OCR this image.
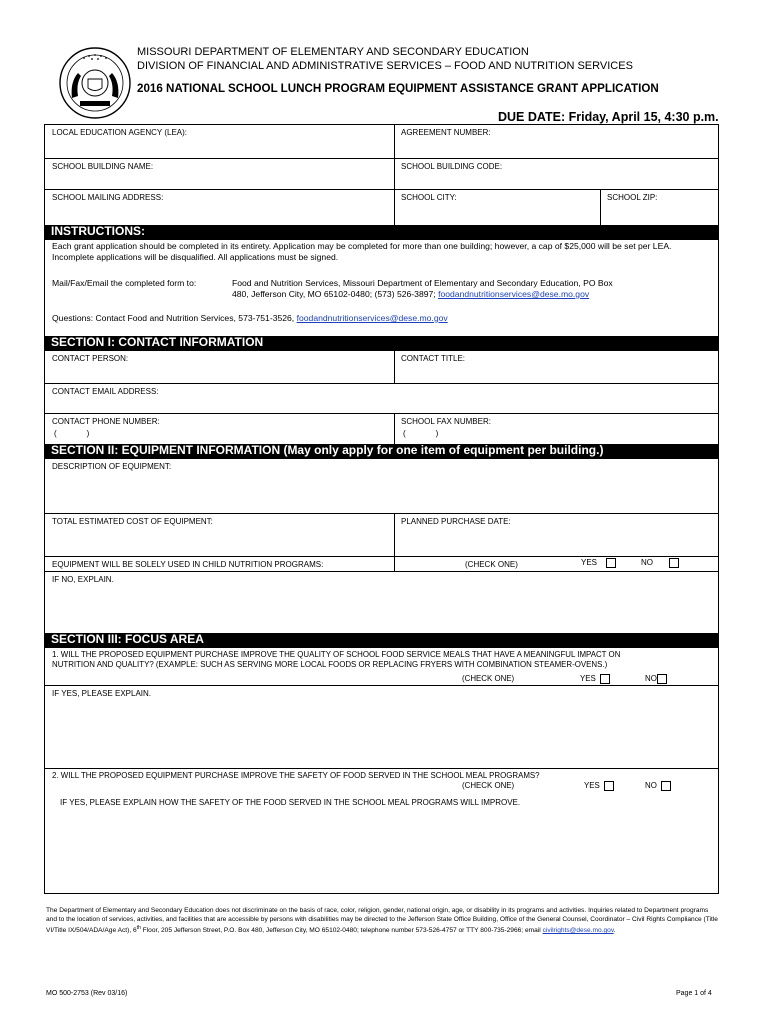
MISSOURI DEPARTMENT OF ELEMENTARY AND SECONDARY EDUCATION
DIVISION OF FINANCIAL AND ADMINISTRATIVE SERVICES – FOOD AND NUTRITION SERVICES
2016 NATIONAL SCHOOL LUNCH PROGRAM EQUIPMENT ASSISTANCE GRANT APPLICATION
DUE DATE: Friday, April 15, 4:30 p.m.
LOCAL EDUCATION AGENCY (LEA):	AGREEMENT NUMBER:
SCHOOL BUILDING NAME:	SCHOOL BUILDING CODE:
SCHOOL MAILING ADDRESS:	SCHOOL CITY:	SCHOOL ZIP:
INSTRUCTIONS:
Each grant application should be completed in its entirety. Application may be completed for more than one building; however, a cap of $25,000 will be set per LEA. Incomplete applications will be disqualified. All applications must be signed.
Mail/Fax/Email the completed form to:	Food and Nutrition Services, Missouri Department of Elementary and Secondary Education, PO Box
480, Jefferson City, MO 65102-0480; (573) 526-3897; foodandnutritionservices@dese.mo.gov
Questions: Contact Food and Nutrition Services, 573-751-3526, foodandnutritionservices@dese.mo.gov
SECTION I: CONTACT INFORMATION
CONTACT PERSON:	CONTACT TITLE:
CONTACT EMAIL ADDRESS:
CONTACT PHONE NUMBER:
(	)
SCHOOL FAX NUMBER:
(	)
SECTION II: EQUIPMENT INFORMATION (May only apply for one item of equipment per building.)
DESCRIPTION OF EQUIPMENT:
TOTAL ESTIMATED COST OF EQUIPMENT:	PLANNED PURCHASE DATE:
EQUIPMENT WILL BE SOLELY USED IN CHILD NUTRITION PROGRAMS:	(CHECK ONE)	YES	NO
IF NO, EXPLAIN.
SECTION III: FOCUS AREA
1. WILL THE PROPOSED EQUIPMENT PURCHASE IMPROVE THE QUALITY OF SCHOOL FOOD SERVICE MEALS THAT HAVE A MEANINGFUL IMPACT ON
NUTRITION AND QUALITY? (EXAMPLE: SUCH AS SERVING MORE LOCAL FOODS OR REPLACING FRYERS WITH COMBINATION STEAMER-OVENS.)
(CHECK ONE)	YES	NO
IF YES, PLEASE EXPLAIN.
2. WILL THE PROPOSED EQUIPMENT PURCHASE IMPROVE THE SAFETY OF FOOD SERVED IN THE SCHOOL MEAL PROGRAMS?
(CHECK ONE)	YES	NO
IF YES, PLEASE EXPLAIN HOW THE SAFETY OF THE FOOD SERVED IN THE SCHOOL MEAL PROGRAMS WILL IMPROVE.
The Department of Elementary and Secondary Education does not discriminate on the basis of race, color, religion, gender, national origin, age, or disability in its programs and activities. Inquiries related to Department programs and to the location of services, activities, and facilities that are accessible by persons with disabilities may be directed to the Jefferson State Office Building, Office of the General Counsel, Coordinator – Civil Rights Compliance (Title VI/Title IX/504/ADA/Age Act), 6th Floor, 205 Jefferson Street, P.O. Box 480, Jefferson City, MO 65102-0480; telephone number 573-526-4757 or TTY 800-735-2966; email civilrights@dese.mo.gov.
MO 500-2753 (Rev 03/16)	Page 1 of 4
